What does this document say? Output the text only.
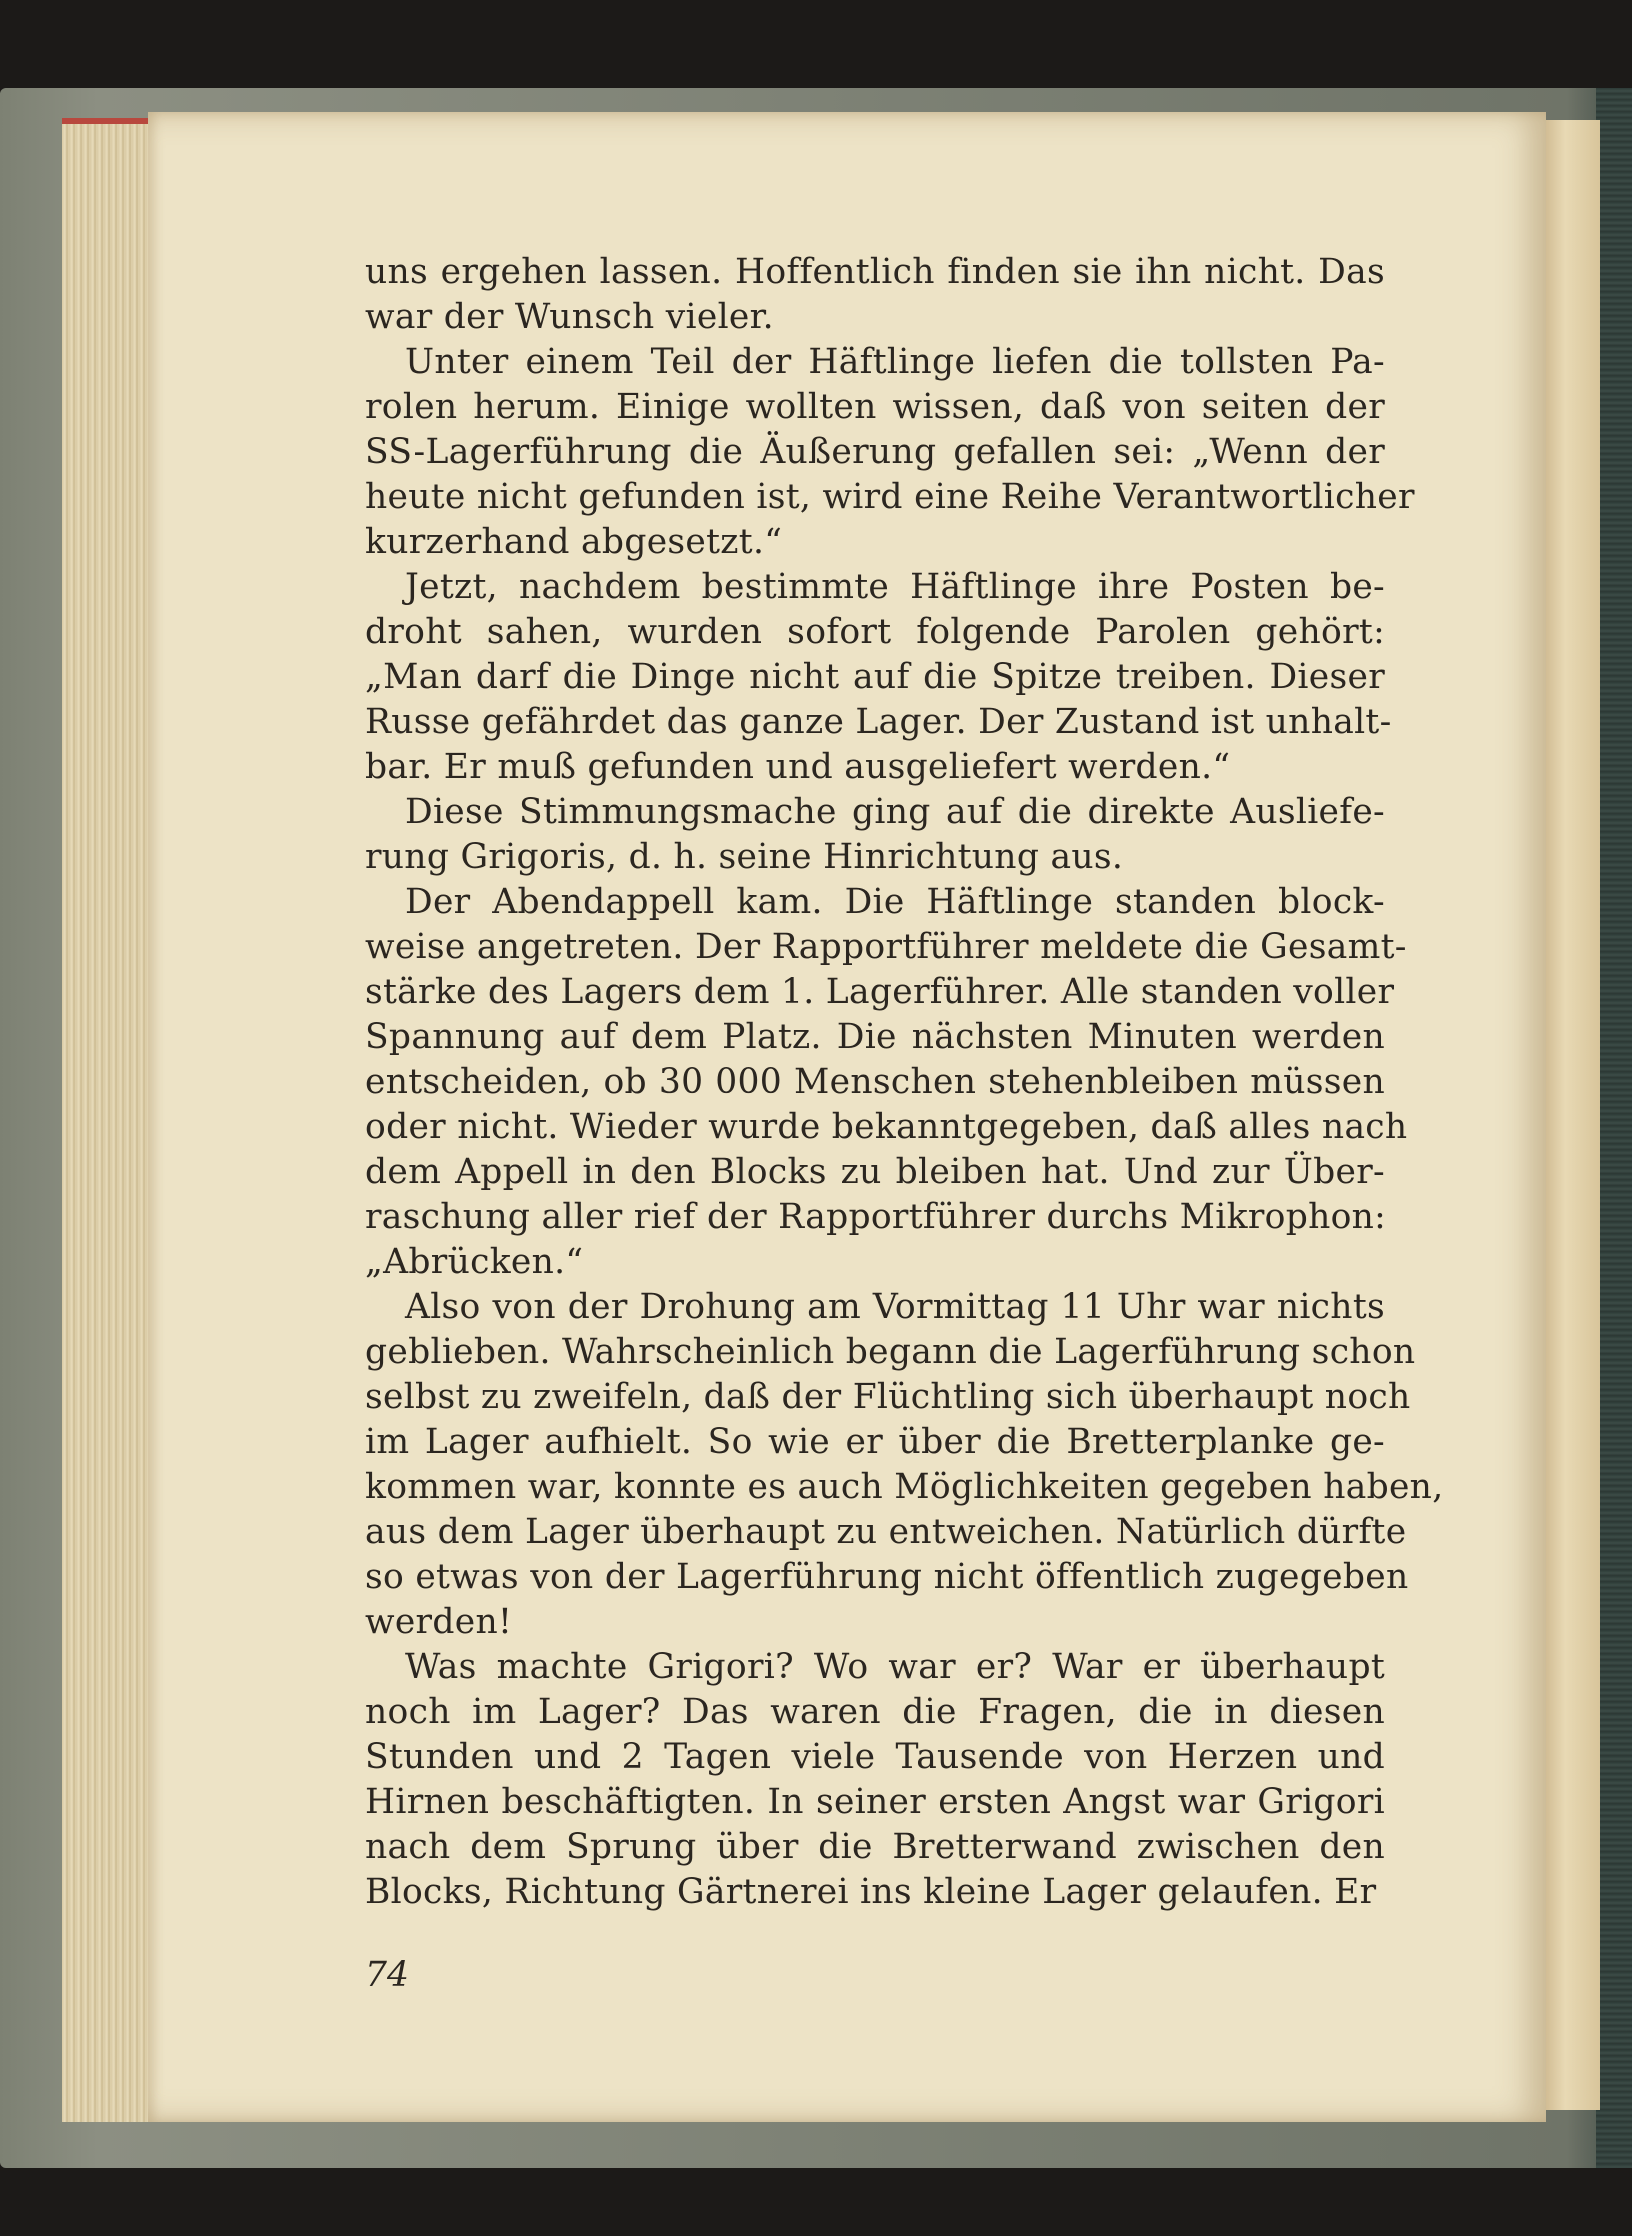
uns ergehen lassen. Hoffentlich finden sie ihn nicht. Das
war der Wunsch vieler.
Unter einem Teil der Häftlinge liefen die tollsten Pa-
rolen herum. Einige wollten wissen, daß von seiten der
SS-Lagerführung die Äußerung gefallen sei: „Wenn der
heute nicht gefunden ist, wird eine Reihe Verantwortlicher
kurzerhand abgesetzt.“
Jetzt, nachdem bestimmte Häftlinge ihre Posten be-
droht sahen, wurden sofort folgende Parolen gehört:
„Man darf die Dinge nicht auf die Spitze treiben. Dieser
Russe gefährdet das ganze Lager. Der Zustand ist unhalt-
bar. Er muß gefunden und ausgeliefert werden.“
Diese Stimmungsmache ging auf die direkte Ausliefe-
rung Grigoris, d. h. seine Hinrichtung aus.
Der Abendappell kam. Die Häftlinge standen block-
weise angetreten. Der Rapportführer meldete die Gesamt-
stärke des Lagers dem 1. Lagerführer. Alle standen voller
Spannung auf dem Platz. Die nächsten Minuten werden
entscheiden, ob 30 000 Menschen stehenbleiben müssen
oder nicht. Wieder wurde bekanntgegeben, daß alles nach
dem Appell in den Blocks zu bleiben hat. Und zur Über-
raschung aller rief der Rapportführer durchs Mikrophon:
„Abrücken.“
Also von der Drohung am Vormittag 11 Uhr war nichts
geblieben. Wahrscheinlich begann die Lagerführung schon
selbst zu zweifeln, daß der Flüchtling sich überhaupt noch
im Lager aufhielt. So wie er über die Bretterplanke ge-
kommen war, konnte es auch Möglichkeiten gegeben haben,
aus dem Lager überhaupt zu entweichen. Natürlich dürfte
so etwas von der Lagerführung nicht öffentlich zugegeben
werden!
Was machte Grigori? Wo war er? War er überhaupt
noch im Lager? Das waren die Fragen, die in diesen
Stunden und 2 Tagen viele Tausende von Herzen und
Hirnen beschäftigten. In seiner ersten Angst war Grigori
nach dem Sprung über die Bretterwand zwischen den
Blocks, Richtung Gärtnerei ins kleine Lager gelaufen. Er
74
